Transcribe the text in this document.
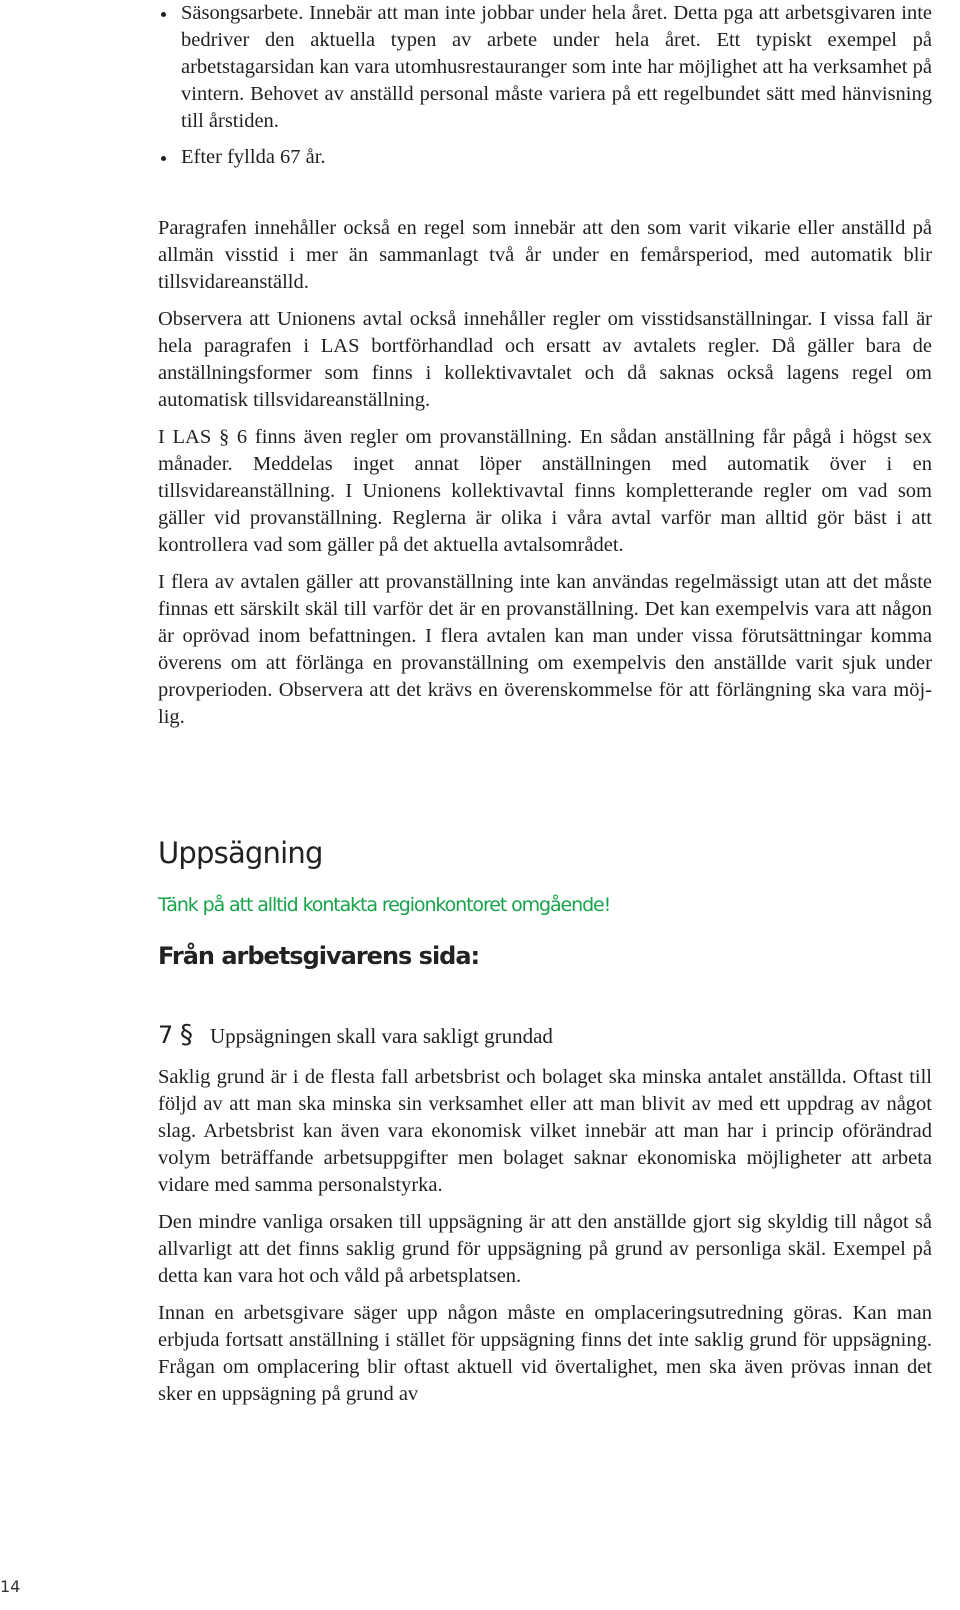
Säsongsarbete. Innebär att man inte jobbar under hela året. Detta pga att arbetsgivaren inte bedriver den aktuella typen av arbete under hela året. Ett typiskt exempel på arbetstagarsidan kan vara utomhusrestauranger som inte har möjlighet att ha verksamhet på vintern. Behovet av anställd personal måste variera på ett regelbundet sätt med hänvisning till årstiden.
Efter fyllda 67 år.

Paragrafen innehåller också en regel som innebär att den som varit vikarie eller anställd på allmän visstid i mer än sammanlagt två år under en femårsperiod, med automatik blir tillsvidareanställd.

Observera att Unionens avtal också innehåller regler om visstidsanställningar. I vissa fall är hela paragrafen i LAS bortförhandlad och ersatt av avtalets regler. Då gäller bara de anställningsformer som finns i kollektivavtalet och då saknas också lagens regel om automatisk tillsvidareanställning.

I LAS § 6 finns även regler om provanställning. En sådan anställning får pågå i högst sex månader. Meddelas inget annat löper anställningen med automatik över i en tillsvidareanställning. I Unionens kollektivavtal finns kompletterande regler om vad som gäller vid provanställning. Reglerna är olika i våra avtal varför man alltid gör bäst i att kontrollera vad som gäller på det aktuella avtalsområdet.

I flera av avtalen gäller att provanställning inte kan användas regelmässigt utan att det måste finnas ett särskilt skäl till varför det är en provanställning. Det kan exempelvis vara att någon är oprövad inom befattningen. I flera avtalen kan man under vissa förutsättningar komma överens om att förlänga en provanställning om exempelvis den anställde varit sjuk under provperioden. Observera att det krävs en överenskommelse för att förlängning ska vara möjlig.

Uppsägning

Tänk på att alltid kontakta regionkontoret omgående!

Från arbetsgivarens sida:
7 § Uppsägningen skall vara sakligt grundad

Saklig grund är i de flesta fall arbetsbrist och bolaget ska minska antalet anställda. Oftast till följd av att man ska minska sin verksamhet eller att man blivit av med ett uppdrag av något slag. Arbetsbrist kan även vara ekonomisk vilket innebär att man har i princip oförändrad volym beträffande arbetsuppgifter men bolaget saknar ekonomiska möjligheter att arbeta vidare med samma personalstyrka.

Den mindre vanliga orsaken till uppsägning är att den anställde gjort sig skyldig till något så allvarligt att det finns saklig grund för uppsägning på grund av personliga skäl. Exempel på detta kan vara hot och våld på arbetsplatsen.

Innan en arbetsgivare säger upp någon måste en omplaceringsutredning göras. Kan man erbjuda fortsatt anställning i stället för uppsägning finns det inte saklig grund för uppsägning. Frågan om omplacering blir oftast aktuell vid övertalighet, men ska även prövas innan det sker en uppsägning på grund av

14
